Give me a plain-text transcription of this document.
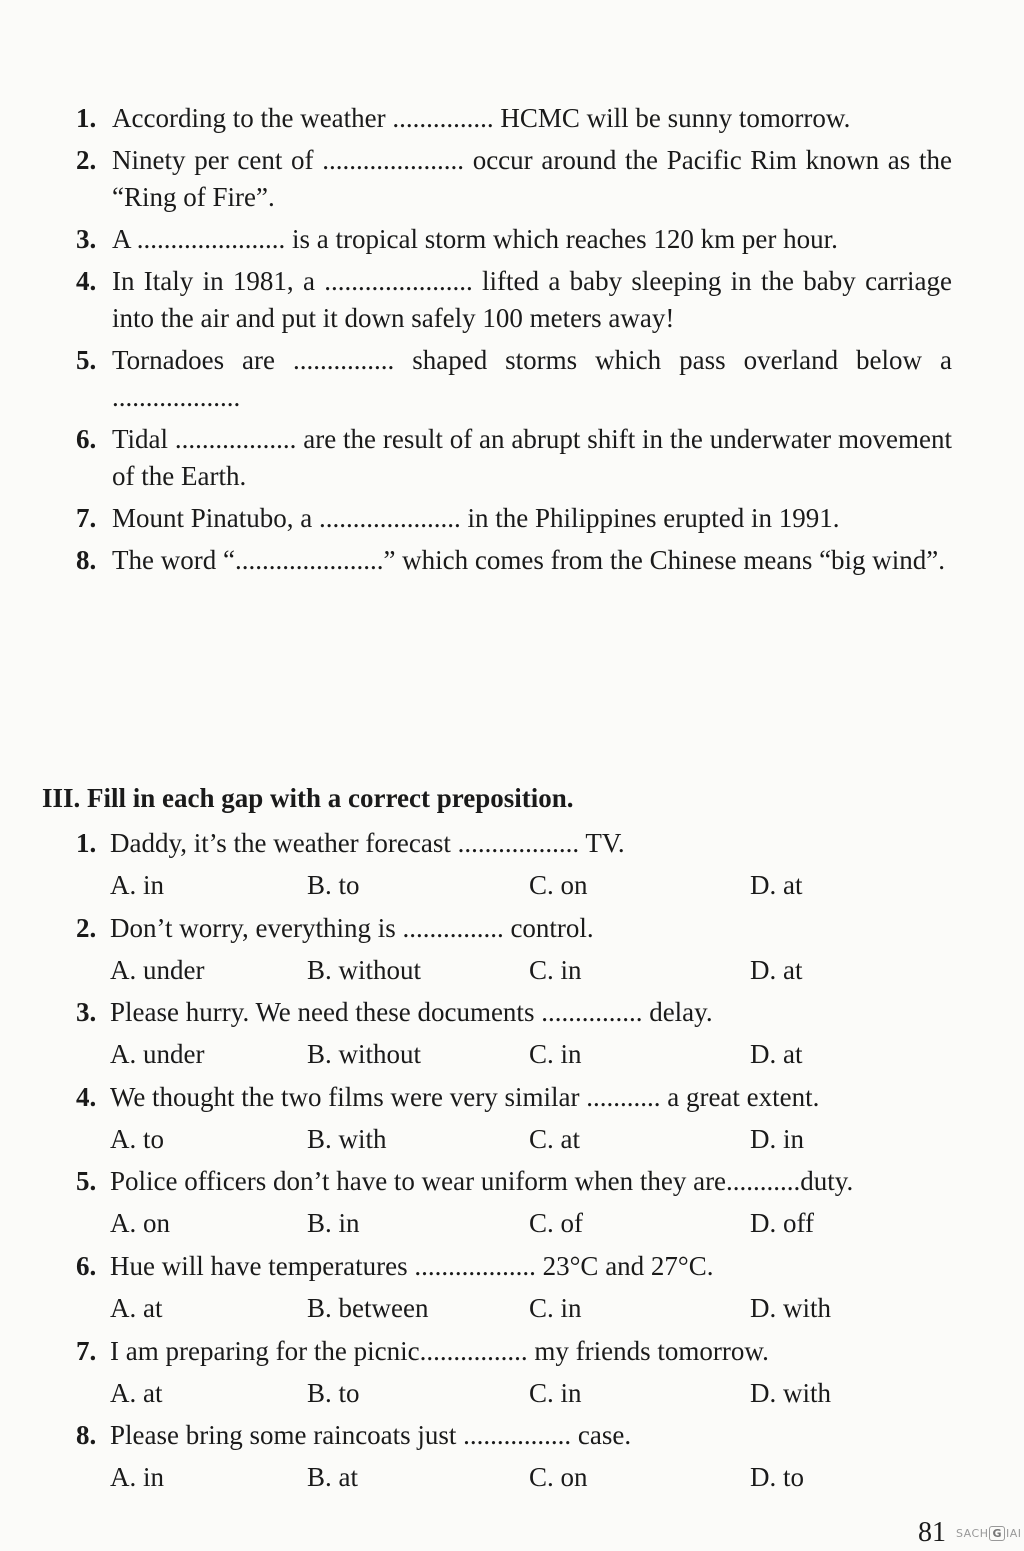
1. According to the weather ............... HCMC will be sunny tomorrow.
2. Ninety per cent of ..................... occur around the Pacific Rim known as the “Ring of Fire”.
3. A ...................... is a tropical storm which reaches 120 km per hour.
4. In Italy in 1981, a ...................... lifted a baby sleeping in the baby carriage into the air and put it down safely 100 meters away!
5. Tornadoes are ............... shaped storms which pass overland below a ...................
6. Tidal .................. are the result of an abrupt shift in the underwater movement of the Earth.
7. Mount Pinatubo, a ..................... in the Philippines erupted in 1991.
8. The word “......................” which comes from the Chinese means “big wind”.
III. Fill in each gap with a correct preposition.
1. Daddy, it’s the weather forecast .................. TV.
A. in	B. to	C. on	D. at
2. Don’t worry, everything is ............... control.
A. under	B. without	C. in	D. at
3. Please hurry. We need these documents ............... delay.
A. under	B. without	C. in	D. at
4. We thought the two films were very similar ........... a great extent.
A. to	B. with	C. at	D. in
5. Police officers don’t have to wear uniform when they are...........duty.
A. on	B. in	C. of	D. off
6. Hue will have temperatures .................. 23°C and 27°C.
A. at	B. between	C. in	D. with
7. I am preparing for the picnic................ my friends tomorrow.
A. at	B. to	C. in	D. with
8. Please bring some raincoats just ................ case.
A. in	B. at	C. on	D. to
81 SACH G IAI
